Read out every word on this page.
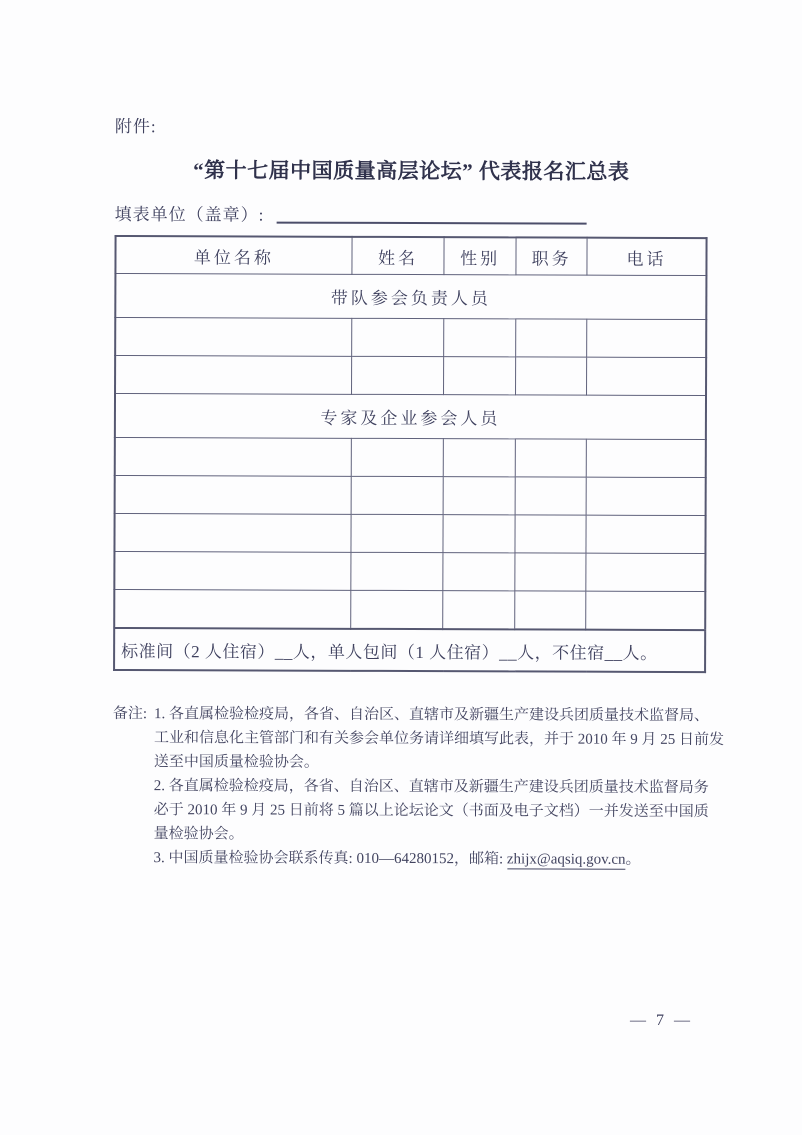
附件:
“第十七届中国质量高层论坛” 代表报名汇总表
填表单位（盖章）:
单位名称	姓名	性别	职务	电话
带队参会负责人员				

专家及企业参会人员				

标准间（2 人住宿）__人，单人包间（1 人住宿）__人，不住宿__人。				
备注: 1. 各直属检验检疫局，各省、自治区、直辖市及新疆生产建设兵团质量技术监督局、
工业和信息化主管部门和有关参会单位务请详细填写此表，并于 2010 年 9 月 25 日前发
送至中国质量检验协会。
2. 各直属检验检疫局，各省、自治区、直辖市及新疆生产建设兵团质量技术监督局务
必于 2010 年 9 月 25 日前将 5 篇以上论坛论文（书面及电子文档）一并发送至中国质
量检验协会。
3. 中国质量检验协会联系传真: 010—64280152，邮箱: zhijx@aqsiq.gov.cn。
— 7 —
